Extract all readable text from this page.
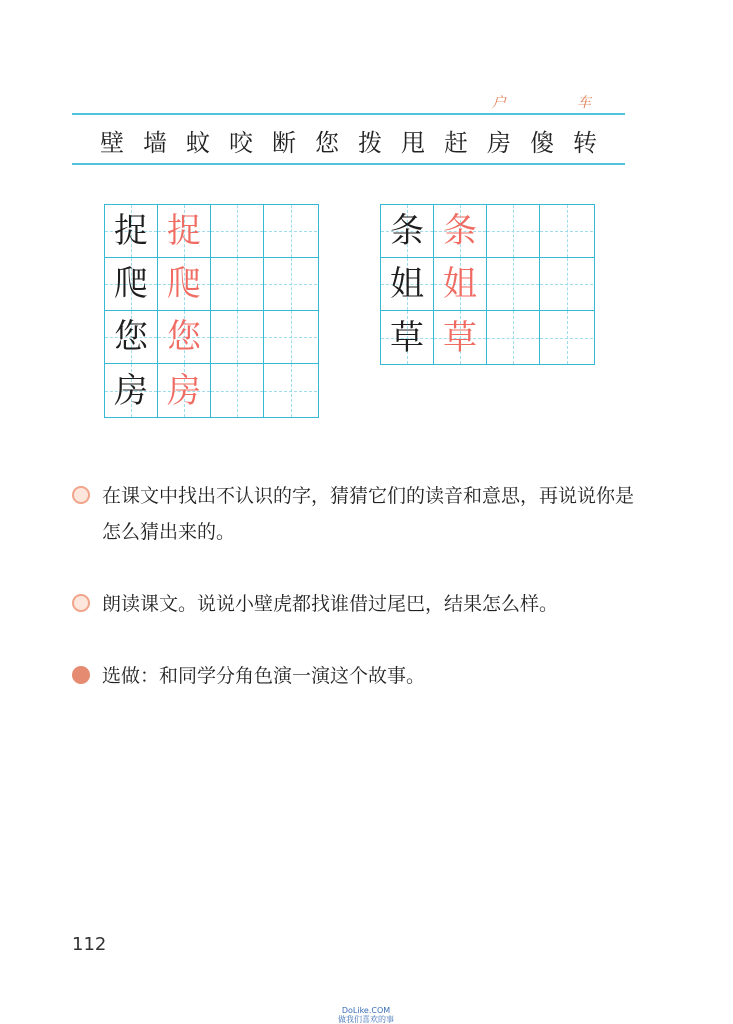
户	车
壁 墙 蚊 咬 断 您 拨 甩 赶 房 傻 转
捉 捉
爬 爬
您 您
房 房
条 条
姐 姐
草 草
在课文中找出不认识的字，猜猜它们的读音和意思，再说说你是怎么猜出来的。
朗读课文。说说小壁虎都找谁借过尾巴，结果怎么样。
选做：和同学分角色演一演这个故事。
112
DoLike.COM
做我们喜欢的事
